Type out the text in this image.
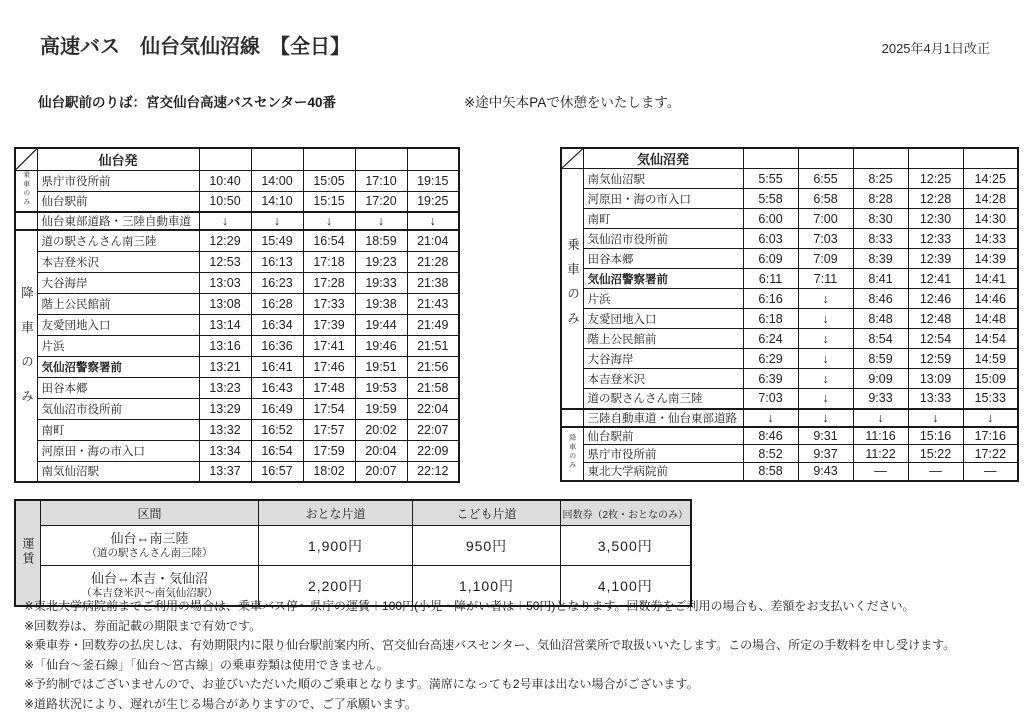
高速バス　仙台気仙沼線　【全日】	2025年4月1日改正
仙台駅前のりば：宮交仙台高速バスセンター40番	※途中矢本PAで休憩をいたします。
	仙台発					
乗車のみ	県庁市役所前	10:40	14:00	15:05	17:10	19:15
	仙台駅前	10:50	14:10	15:15	17:20	19:25
	仙台東部道路・三陸自動車道	↓	↓	↓	↓	↓
降車のみ	道の駅さんさん南三陸	12:29	15:49	16:54	18:59	21:04
	本吉登米沢	12:53	16:13	17:18	19:23	21:28
	大谷海岸	13:03	16:23	17:28	19:33	21:38
	階上公民館前	13:08	16:28	17:33	19:38	21:43
	友愛団地入口	13:14	16:34	17:39	19:44	21:49
	片浜	13:16	16:36	17:41	19:46	21:51
	気仙沼警察署前	13:21	16:41	17:46	19:51	21:56
	田谷本郷	13:23	16:43	17:48	19:53	21:58
	気仙沼市役所前	13:29	16:49	17:54	19:59	22:04
	南町	13:32	16:52	17:57	20:02	22:07
	河原田・海の市入口	13:34	16:54	17:59	20:04	22:09
	南気仙沼駅	13:37	16:57	18:02	20:07	22:12
	気仙沼発					
乗車のみ	南気仙沼駅	5:55	6:55	8:25	12:25	14:25
	河原田・海の市入口	5:58	6:58	8:28	12:28	14:28
	南町	6:00	7:00	8:30	12:30	14:30
	気仙沼市役所前	6:03	7:03	8:33	12:33	14:33
	田谷本郷	6:09	7:09	8:39	12:39	14:39
	気仙沼警察署前	6:11	7:11	8:41	12:41	14:41
	片浜	6:16	↓	8:46	12:46	14:46
	友愛団地入口	6:18	↓	8:48	12:48	14:48
	階上公民館前	6:24	↓	8:54	12:54	14:54
	大谷海岸	6:29	↓	8:59	12:59	14:59
	本吉登米沢	6:39	↓	9:09	13:09	15:09
	道の駅さんさん南三陸	7:03	↓	9:33	13:33	15:33
	三陸自動車道・仙台東部道路	↓	↓	↓	↓	↓
降車のみ	仙台駅前	8:46	9:31	11:16	15:16	17:16
	県庁市役所前	8:52	9:37	11:22	15:22	17:22
	東北大学病院前	8:58	9:43	—	—	—
運賃	区間	おとな片道	こども片道	回数券（2枚・おとなのみ）

	仙台⇔南三陸
（道の駅さんさん南三陸）	1,900円	950円	3,500円

	仙台⇔本吉・気仙沼
（本吉登米沢～南気仙沼駅）	2,200円	1,100円	4,100円
※東北大学病院前までご利用の場合は、乗車バス停～県庁の運賃＋100円(小児・障がい者は＋50円)となります。回数券をご利用の場合も、差額をお支払いください。
※回数券は、券面記載の期限まで有効です。
※乗車券・回数券の払戻しは、有効期限内に限り仙台駅前案内所、宮交仙台高速バスセンター、気仙沼営業所で取扱いいたします。この場合、所定の手数料を申し受けます。
※「仙台～釜石線」「仙台～宮古線」の乗車券類は使用できません。
※予約制ではございませんので、お並びいただいた順のご乗車となります。満席になっても2号車は出ない場合がございます。
※道路状況により、遅れが生じる場合がありますので、ご了承願います。
